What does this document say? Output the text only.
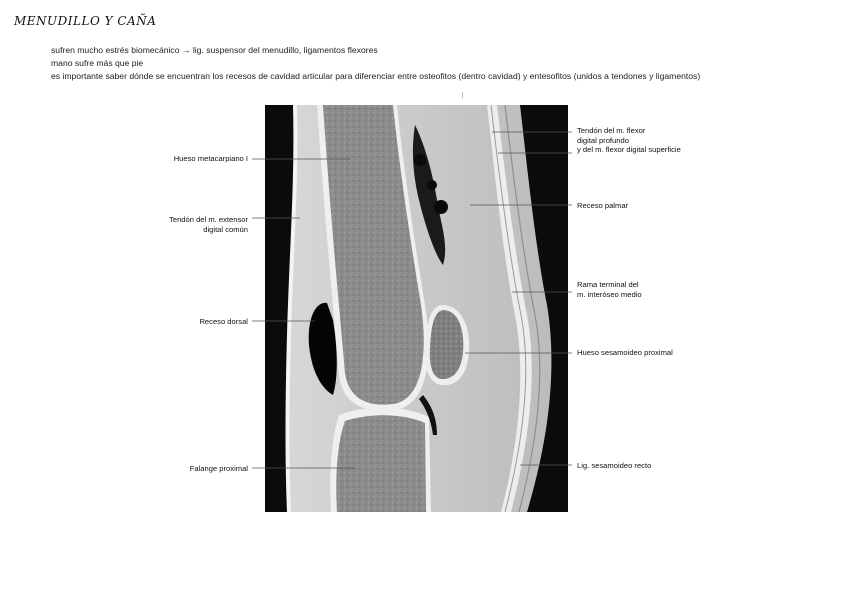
MENUDILLO Y CAÑA
sufren mucho estrés biomecánico → lig. suspensor del menudillo, ligamentos flexores
mano sufre más que pie
es importante saber dónde se encuentran los recesos de cavidad articular para diferenciar entre osteofitos (dentro cavidad) y entesofitos (unidos a tendones y ligamentos)
Hueso metacarpiano I
Tendón del m. extensor
digital común
Receso dorsal
Falange proximal
Tendón del m. flexor
digital profundo
y del m. flexor digital superficie
Receso palmar
Rama terminal del
m. interóseo medio
Hueso sesamoideo proximal
Lig. sesamoideo recto
